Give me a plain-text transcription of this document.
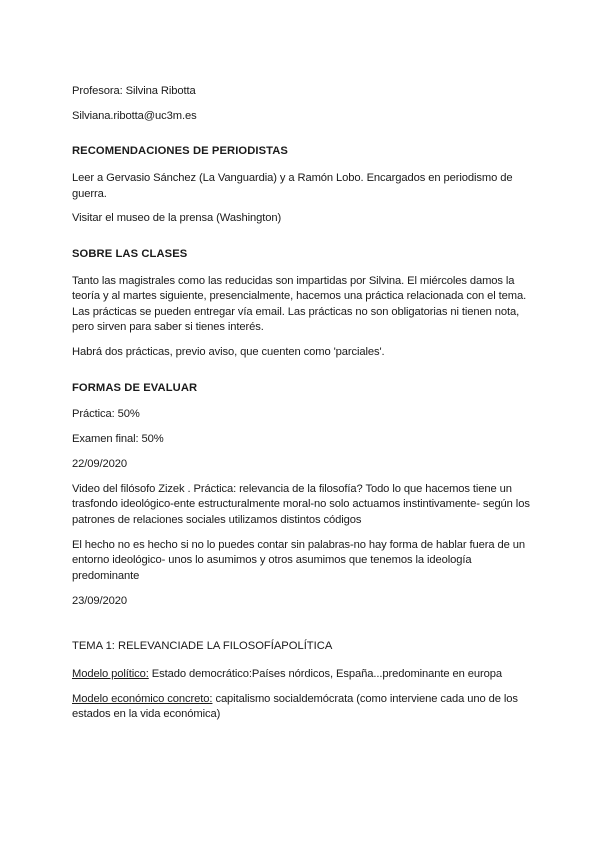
Profesora: Silvina Ribotta

Silviana.ribotta@uc3m.es

RECOMENDACIONES DE PERIODISTAS

Leer a Gervasio Sánchez (La Vanguardia) y a Ramón Lobo. Encargados en periodismo de guerra.

Visitar el museo de la prensa (Washington)

SOBRE LAS CLASES

Tanto las magistrales como las reducidas son impartidas por Silvina. El miércoles damos la teoría y al martes siguiente, presencialmente, hacemos una práctica relacionada con el tema. Las prácticas se pueden entregar vía email. Las prácticas no son obligatorias ni tienen nota, pero sirven para saber si tienes interés.

Habrá dos prácticas, previo aviso, que cuenten como 'parciales'.

FORMAS DE EVALUAR

Práctica: 50%

Examen final: 50%

22/09/2020

Video del filósofo Zizek . Práctica: relevancia de la filosofía? Todo lo que hacemos tiene un trasfondo ideológico-ente estructuralmente moral-no solo actuamos instintivamente- según los patrones de relaciones sociales utilizamos distintos códigos

El hecho no es hecho si no lo puedes contar sin palabras-no hay forma de hablar fuera de un entorno ideológico- unos lo asumimos y otros asumimos que tenemos la ideología predominante

23/09/2020

TEMA 1: RELEVANCIADE LA FILOSOFÍAPOLÍTICA

Modelo político: Estado democrático:Países nórdicos, España...predominante en europa

Modelo económico concreto: capitalismo socialdemócrata (como interviene cada uno de los estados en la vida económica)
